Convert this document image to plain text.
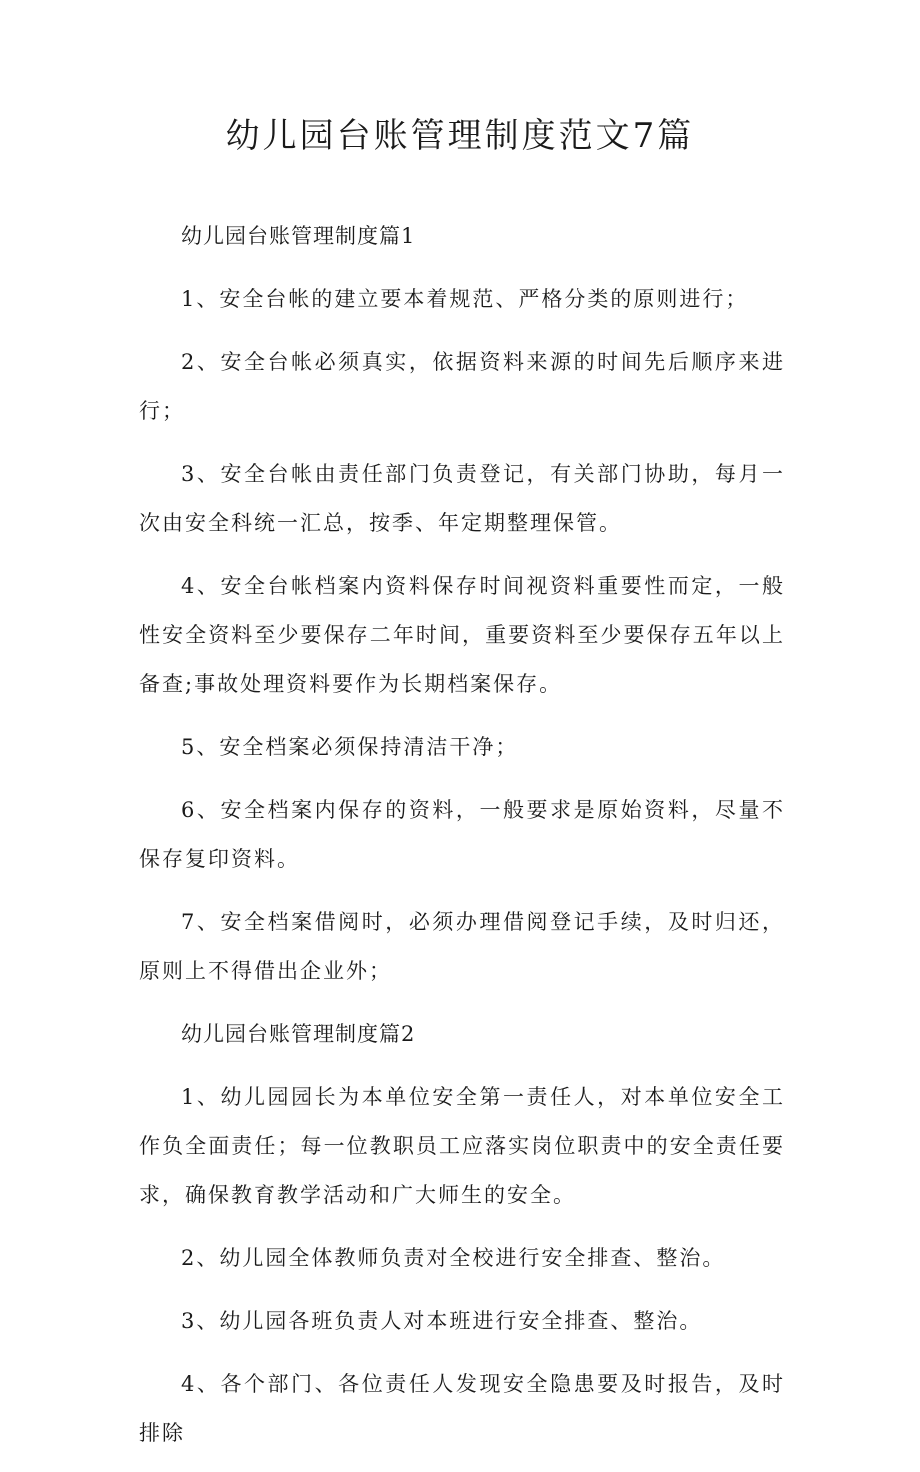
幼儿园台账管理制度范文7篇
幼儿园台账管理制度篇1

1、安全台帐的建立要本着规范、严格分类的原则进行；

2、安全台帐必须真实，依据资料来源的时间先后顺序来进行；

3、安全台帐由责任部门负责登记，有关部门协助，每月一次由安全科统一汇总，按季、年定期整理保管。

4、安全台帐档案内资料保存时间视资料重要性而定，一般性安全资料至少要保存二年时间，重要资料至少要保存五年以上备查;事故处理资料要作为长期档案保存。

5、安全档案必须保持清洁干净；

6、安全档案内保存的资料，一般要求是原始资料，尽量不保存复印资料。

7、安全档案借阅时，必须办理借阅登记手续，及时归还，原则上不得借出企业外；

幼儿园台账管理制度篇2

1、幼儿园园长为本单位安全第一责任人，对本单位安全工作负全面责任；每一位教职员工应落实岗位职责中的安全责任要求，确保教育教学活动和广大师生的安全。

2、幼儿园全体教师负责对全校进行安全排查、整治。

3、幼儿园各班负责人对本班进行安全排查、整治。

4、各个部门、各位责任人发现安全隐患要及时报告，及时排除
